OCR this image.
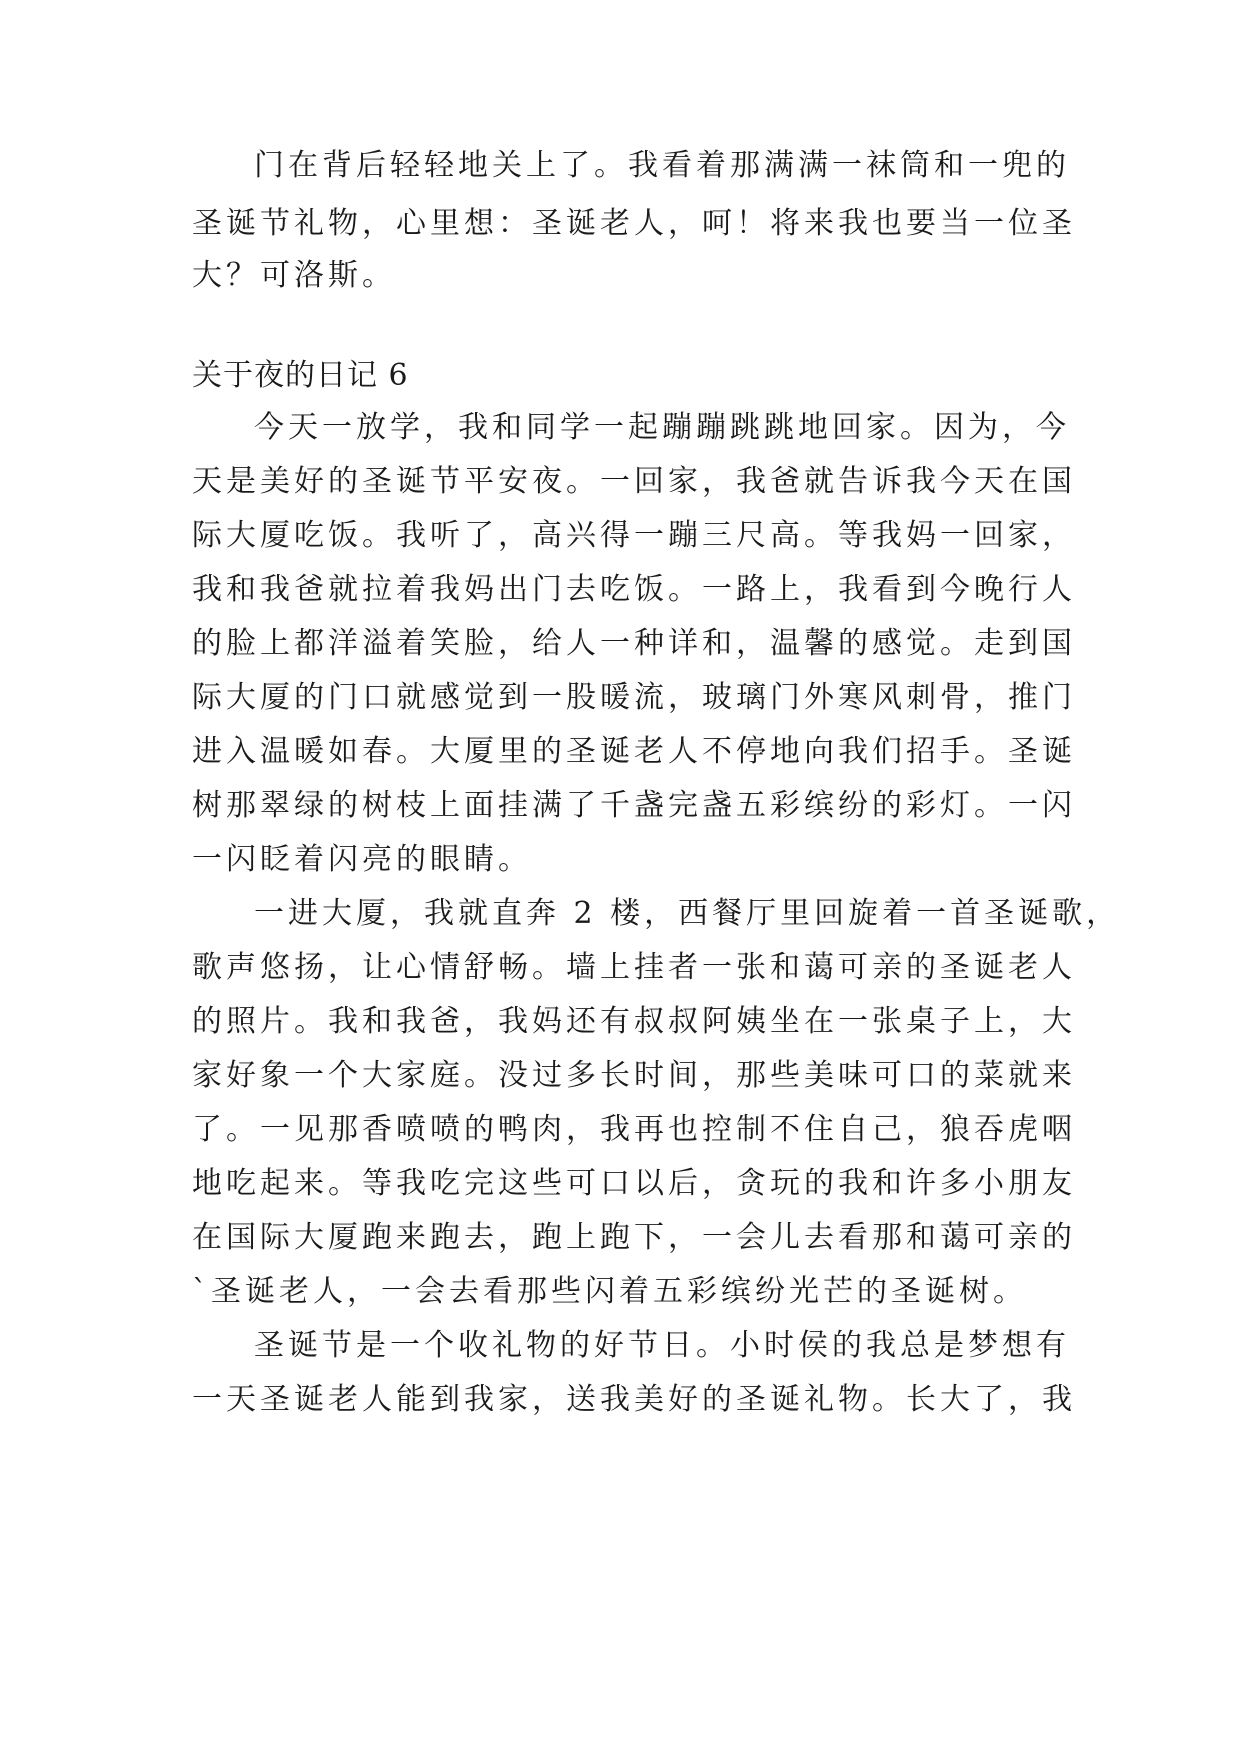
门在背后轻轻地关上了。我看着那满满一袜筒和一兜的
圣诞节礼物，心里想：圣诞老人，呵！将来我也要当一位圣
大？可洛斯。
关于夜的日记 6
今天一放学，我和同学一起蹦蹦跳跳地回家。因为，今
天是美好的圣诞节平安夜。一回家，我爸就告诉我今天在国
际大厦吃饭。我听了，高兴得一蹦三尺高。等我妈一回家，
我和我爸就拉着我妈出门去吃饭。一路上，我看到今晚行人
的脸上都洋溢着笑脸，给人一种详和，温馨的感觉。走到国
际大厦的门口就感觉到一股暖流，玻璃门外寒风刺骨，推门
进入温暖如春。大厦里的圣诞老人不停地向我们招手。圣诞
树那翠绿的树枝上面挂满了千盏完盏五彩缤纷的彩灯。一闪
一闪眨着闪亮的眼睛。
一进大厦，我就直奔 2 楼，西餐厅里回旋着一首圣诞歌，
歌声悠扬，让心情舒畅。墙上挂者一张和蔼可亲的圣诞老人
的照片。我和我爸，我妈还有叔叔阿姨坐在一张桌子上，大
家好象一个大家庭。没过多长时间，那些美味可口的菜就来
了。一见那香喷喷的鸭肉，我再也控制不住自己，狼吞虎咽
地吃起来。等我吃完这些可口以后，贪玩的我和许多小朋友
在国际大厦跑来跑去，跑上跑下，一会儿去看那和蔼可亲的
`圣诞老人，一会去看那些闪着五彩缤纷光芒的圣诞树。
圣诞节是一个收礼物的好节日。小时侯的我总是梦想有
一天圣诞老人能到我家，送我美好的圣诞礼物。长大了，我
